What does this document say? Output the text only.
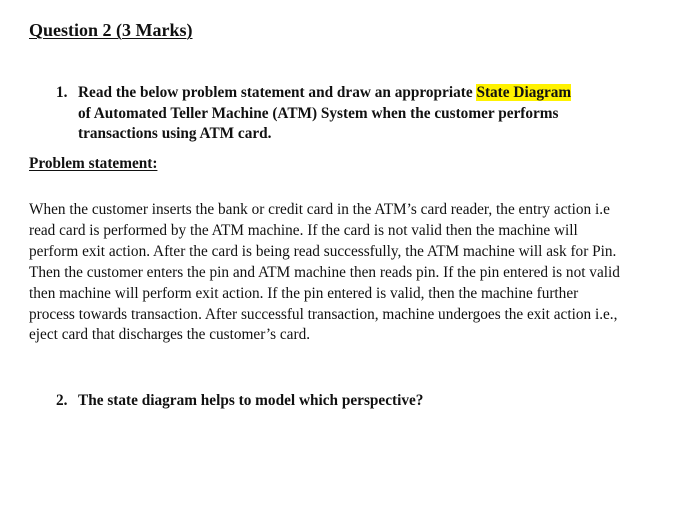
Question 2 (3 Marks)
1. Read the below problem statement and draw an appropriate State Diagram
of Automated Teller Machine (ATM) System when the customer performs
transactions using ATM card.
Problem statement:
When the customer inserts the bank or credit card in the ATM’s card reader, the entry action i.e
read card is performed by the ATM machine. If the card is not valid then the machine will
perform exit action. After the card is being read successfully, the ATM machine will ask for Pin.
Then the customer enters the pin and ATM machine then reads pin. If the pin entered is not valid
then machine will perform exit action. If the pin entered is valid, then the machine further
process towards transaction. After successful transaction, machine undergoes the exit action i.e.,
eject card that discharges the customer’s card.
2. The state diagram helps to model which perspective?
